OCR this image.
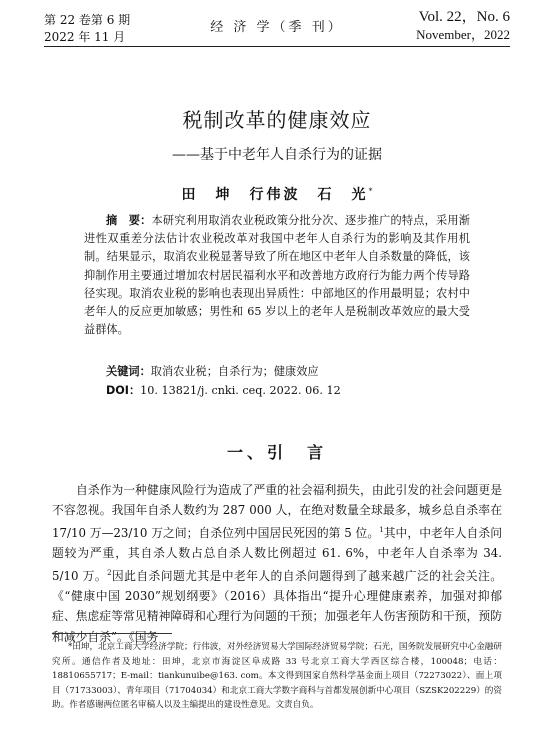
第 22 卷第 6 期
2022 年 11 月
经 济 学（季 刊）
Vol. 22，No. 6
November，2022
税制改革的健康效应
——基于中老年人自杀行为的证据
田　坤　行伟波　石　光*
摘　要：本研究利用取消农业税政策分批分次、逐步推广的特点，采用渐进性双重差分法估计农业税改革对我国中老年人自杀行为的影响及其作用机制。结果显示，取消农业税显著导致了所在地区中老年人自杀数量的降低，该抑制作用主要通过增加农村居民福利水平和改善地方政府行为能力两个传导路径实现。取消农业税的影响也表现出异质性：中部地区的作用最明显；农村中老年人的反应更加敏感；男性和 65 岁以上的老年人是税制改革效应的最大受益群体。
关键词：取消农业税；自杀行为；健康效应
DOI：10. 13821/j. cnki. ceq. 2022. 06. 12
一、引　言
自杀作为一种健康风险行为造成了严重的社会福利损失，由此引发的社会问题更是不容忽视。我国年自杀人数约为 287 000 人，在绝对数量全球最多，城乡总自杀率在 17/10 万—23/10 万之间；自杀位列中国居民死因的第 5 位。$^1$其中，中老年人自杀问题较为严重，其自杀人数占总自杀人数比例超过 61. 6%，中老年人自杀率为 34. 5/10 万。$^2$因此自杀问题尤其是中老年人的自杀问题得到了越来越广泛的社会关注。《“健康中国 2030”规划纲要》（2016）具体指出“提升心理健康素养，加强对抑郁症、焦虑症等常见精神障碍和心理行为问题的干预；加强老年人伤害预防和干预，预防和减少自杀”。《国务
*田坤，北京工商大学经济学院；行伟波，对外经济贸易大学国际经济贸易学院；石光，国务院发展研究中心金融研究所。通信作者及地址：田坤，北京市海淀区阜成路 33 号北京工商大学西区综合楼，100048；电话：18810655717；E-mail：tiankunuibe@163. com。本文得到国家自然科学基金面上项目（72273022）、面上项目（71733003）、青年项目（71704034）和北京工商大学数字商科与首都发展创新中心项目（SZSK202229）的资助。作者感谢两位匿名审稿人以及主编提出的建设性意见。文责自负。
